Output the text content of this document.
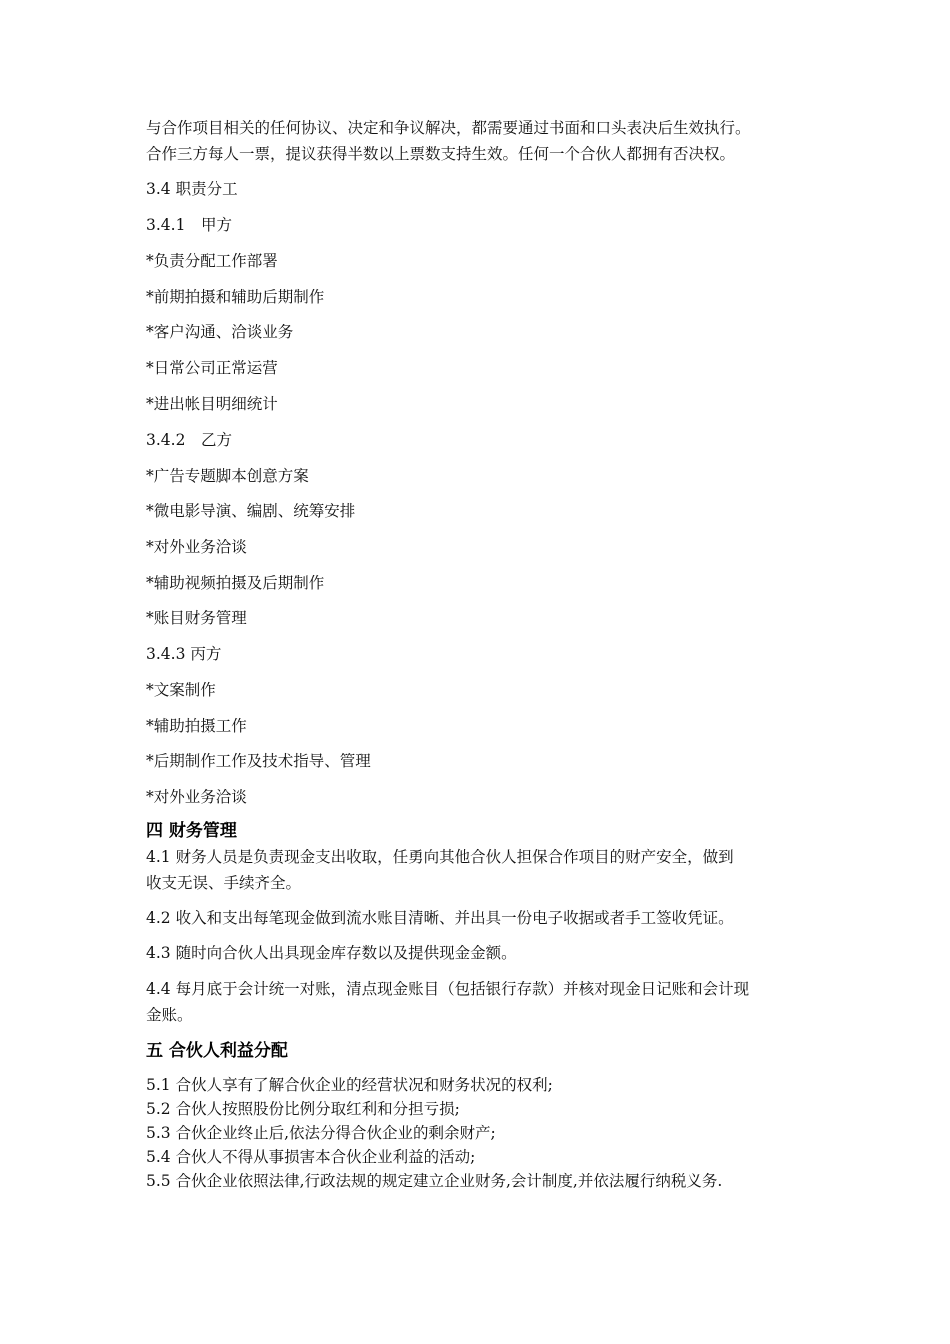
与合作项目相关的任何协议、决定和争议解决，都需要通过书面和口头表决后生效执行。
合作三方每人一票，提议获得半数以上票数支持生效。任何一个合伙人都拥有否决权。
3.4 职责分工
3.4.1　甲方
*负责分配工作部署
*前期拍摄和辅助后期制作
*客户沟通、洽谈业务
*日常公司正常运营
*进出帐目明细统计
3.4.2　乙方
*广告专题脚本创意方案
*微电影导演、编剧、统筹安排
*对外业务洽谈
*辅助视频拍摄及后期制作
*账目财务管理
3.4.3 丙方
*文案制作
*辅助拍摄工作
*后期制作工作及技术指导、管理
*对外业务洽谈
四 财务管理
4.1 财务人员是负责现金支出收取，任勇向其他合伙人担保合作项目的财产安全，做到
收支无误、手续齐全。
4.2 收入和支出每笔现金做到流水账目清晰、并出具一份电子收据或者手工签收凭证。
4.3 随时向合伙人出具现金库存数以及提供现金金额。
4.4 每月底于会计统一对账，清点现金账目（包括银行存款）并核对现金日记账和会计现
金账。
五 合伙人利益分配
5.1 合伙人享有了解合伙企业的经营状况和财务状况的权利;
5.2 合伙人按照股份比例分取红利和分担亏损;
5.3 合伙企业终止后,依法分得合伙企业的剩余财产;
5.4 合伙人不得从事损害本合伙企业利益的活动;
5.5 合伙企业依照法律,行政法规的规定建立企业财务,会计制度,并依法履行纳税义务.
